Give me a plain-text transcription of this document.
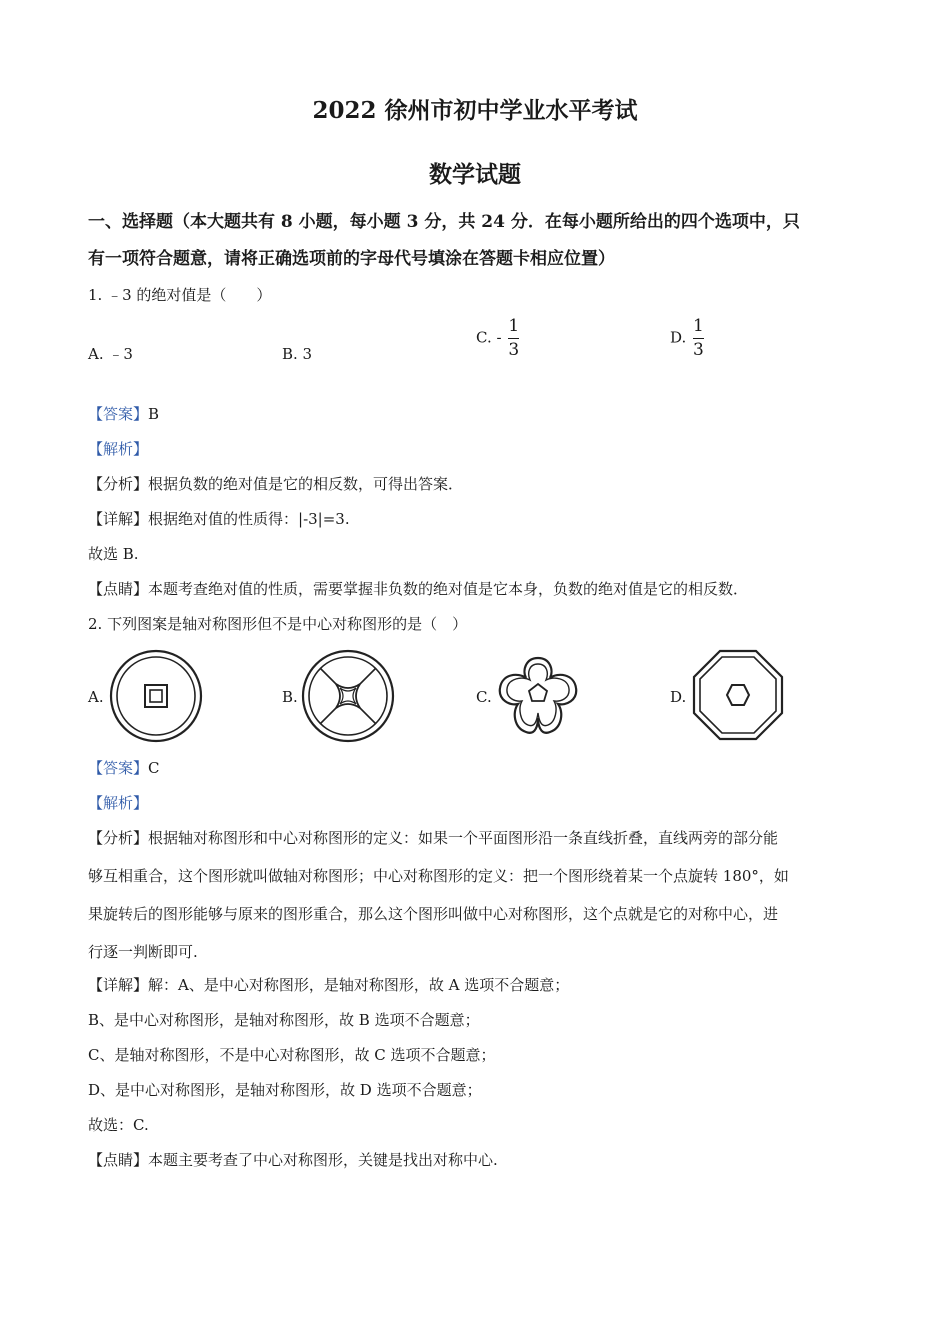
2022 徐州市初中学业水平考试
数学试题
一、选择题（本大题共有 8 小题，每小题 3 分，共 24 分．在每小题所给出的四个选项中，只
有一项符合题意，请将正确选项前的字母代号填涂在答题卡相应位置）
1. ﹣3 的绝对值是（　　）
A. ﹣3	B. 3
C. - $\frac{1}{3}$	D. $\frac{1}{3}$
【答案】B
【解析】
【分析】根据负数的绝对值是它的相反数，可得出答案．
【详解】根据绝对值的性质得：|-3|=3.
故选 B.
【点睛】本题考查绝对值的性质，需要掌握非负数的绝对值是它本身，负数的绝对值是它的相反数．
2. 下列图案是轴对称图形但不是中心对称图形的是（　）
A.	B.	C.	D.
【答案】C
【解析】
【分析】根据轴对称图形和中心对称图形的定义：如果一个平面图形沿一条直线折叠，直线两旁的部分能
够互相重合，这个图形就叫做轴对称图形；中心对称图形的定义：把一个图形绕着某一个点旋转 180°，如
果旋转后的图形能够与原来的图形重合，那么这个图形叫做中心对称图形，这个点就是它的对称中心，进
行逐一判断即可.
【详解】解：A、是中心对称图形，是轴对称图形，故 A 选项不合题意；
B、是中心对称图形，是轴对称图形，故 B 选项不合题意；
C、是轴对称图形，不是中心对称图形，故 C 选项不合题意；
D、是中心对称图形，是轴对称图形，故 D 选项不合题意；
故选：C.
【点睛】本题主要考查了中心对称图形，关键是找出对称中心.
